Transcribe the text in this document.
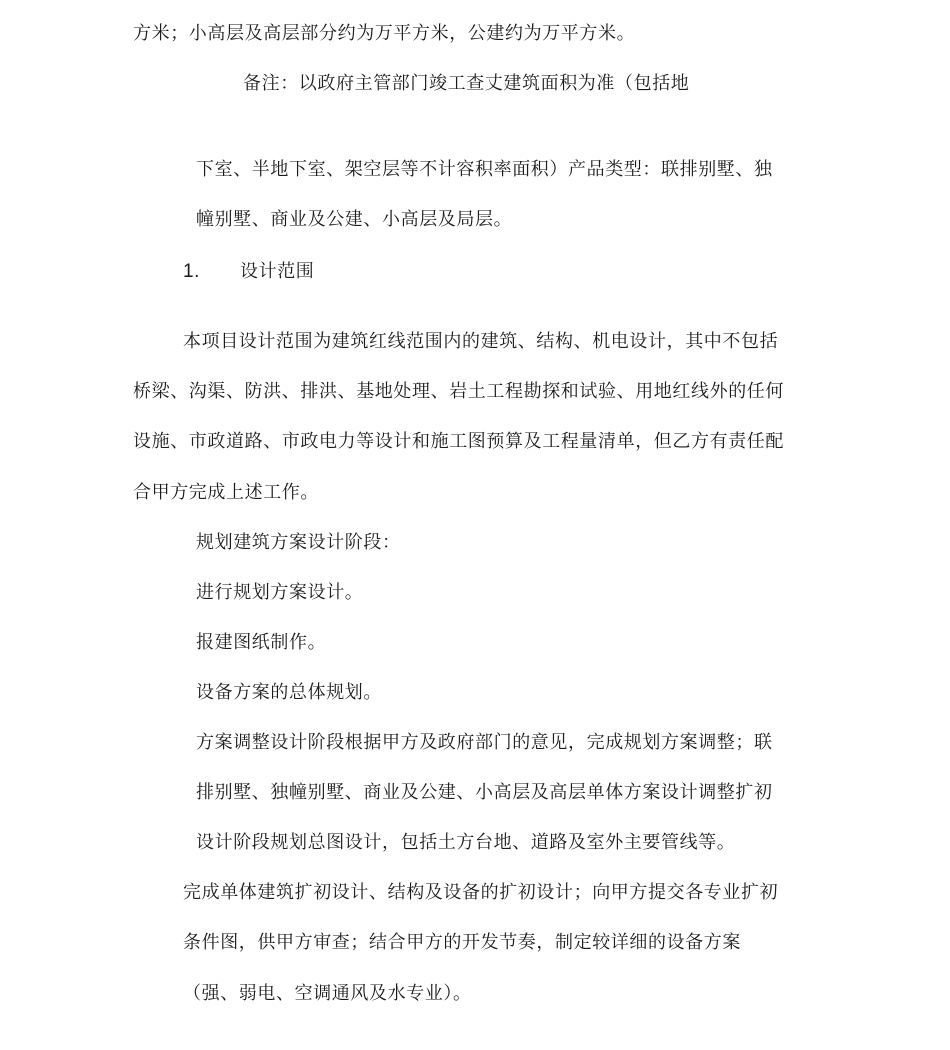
方米；小高层及高层部分约为万平方米，公建约为万平方米。
备注：以政府主管部门竣工查丈建筑面积为准（包括地
下室、半地下室、架空层等不计容积率面积）产品类型：联排别墅、独
幢别墅、商业及公建、小高层及局层。
1. 设计范围
本项目设计范围为建筑红线范围内的建筑、结构、机电设计，其中不包括
桥梁、沟渠、防洪、排洪、基地处理、岩土工程勘探和试验、用地红线外的任何
设施、市政道路、市政电力等设计和施工图预算及工程量清单，但乙方有责任配
合甲方完成上述工作。
规划建筑方案设计阶段：
进行规划方案设计。
报建图纸制作。
设备方案的总体规划。
方案调整设计阶段根据甲方及政府部门的意见，完成规划方案调整；联
排别墅、独幢别墅、商业及公建、小高层及高层单体方案设计调整扩初
设计阶段规划总图设计，包括土方台地、道路及室外主要管线等。
完成单体建筑扩初设计、结构及设备的扩初设计；向甲方提交各专业扩初
条件图，供甲方审查；结合甲方的开发节奏，制定较详细的设备方案
（强、弱电、空调通风及水专业）。
